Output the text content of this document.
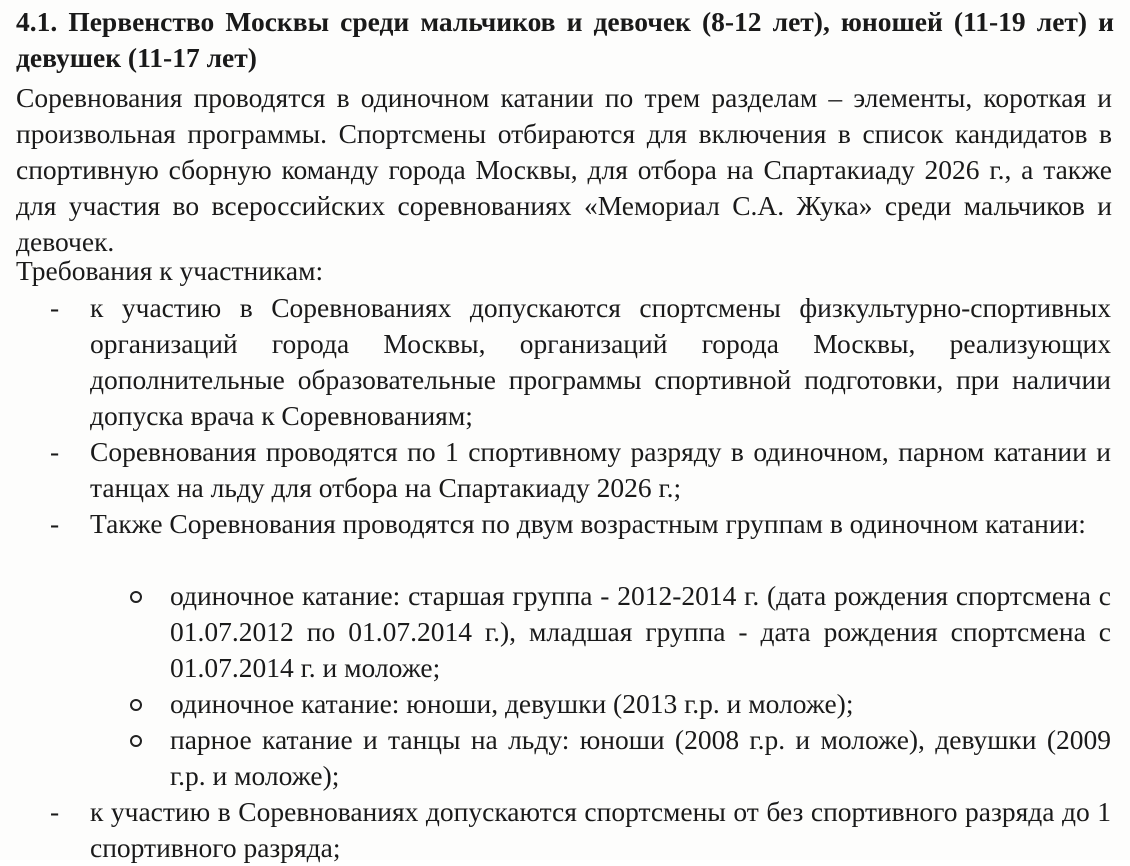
4.1. Первенство Москвы среди мальчиков и девочек (8-12 лет), юношей (11-19 лет) и девушек (11-17 лет)

Соревнования проводятся в одиночном катании по трем разделам – элементы, короткая и произвольная программы. Спортсмены отбираются для включения в список кандидатов в спортивную сборную команду города Москвы, для отбора на Спартакиаду 2026 г., а также для участия во всероссийских соревнованиях «Мемориал С.А. Жука» среди мальчиков и девочек.

Требования к участникам:

- к участию в Соревнованиях допускаются спортсмены физкультурно-спортивных организаций города Москвы, организаций города Москвы, реализующих дополнительные образовательные программы спортивной подготовки, при наличии допуска врача к Соревнованиям;

- Соревнования проводятся по 1 спортивному разряду в одиночном, парном катании и танцах на льду для отбора на Спартакиаду 2026 г.;

- Также Соревнования проводятся по двум возрастным группам в одиночном катании:

одиночное катание: старшая группа - 2012-2014 г. (дата рождения спортсмена с 01.07.2012 по 01.07.2014 г.), младшая группа - дата рождения спортсмена с 01.07.2014 г. и моложе;

одиночное катание: юноши, девушки (2013 г.р. и моложе);

парное катание и танцы на льду: юноши (2008 г.р. и моложе), девушки (2009 г.р. и моложе);

- к участию в Соревнованиях допускаются спортсмены от без спортивного разряда до 1 спортивного разряда;
